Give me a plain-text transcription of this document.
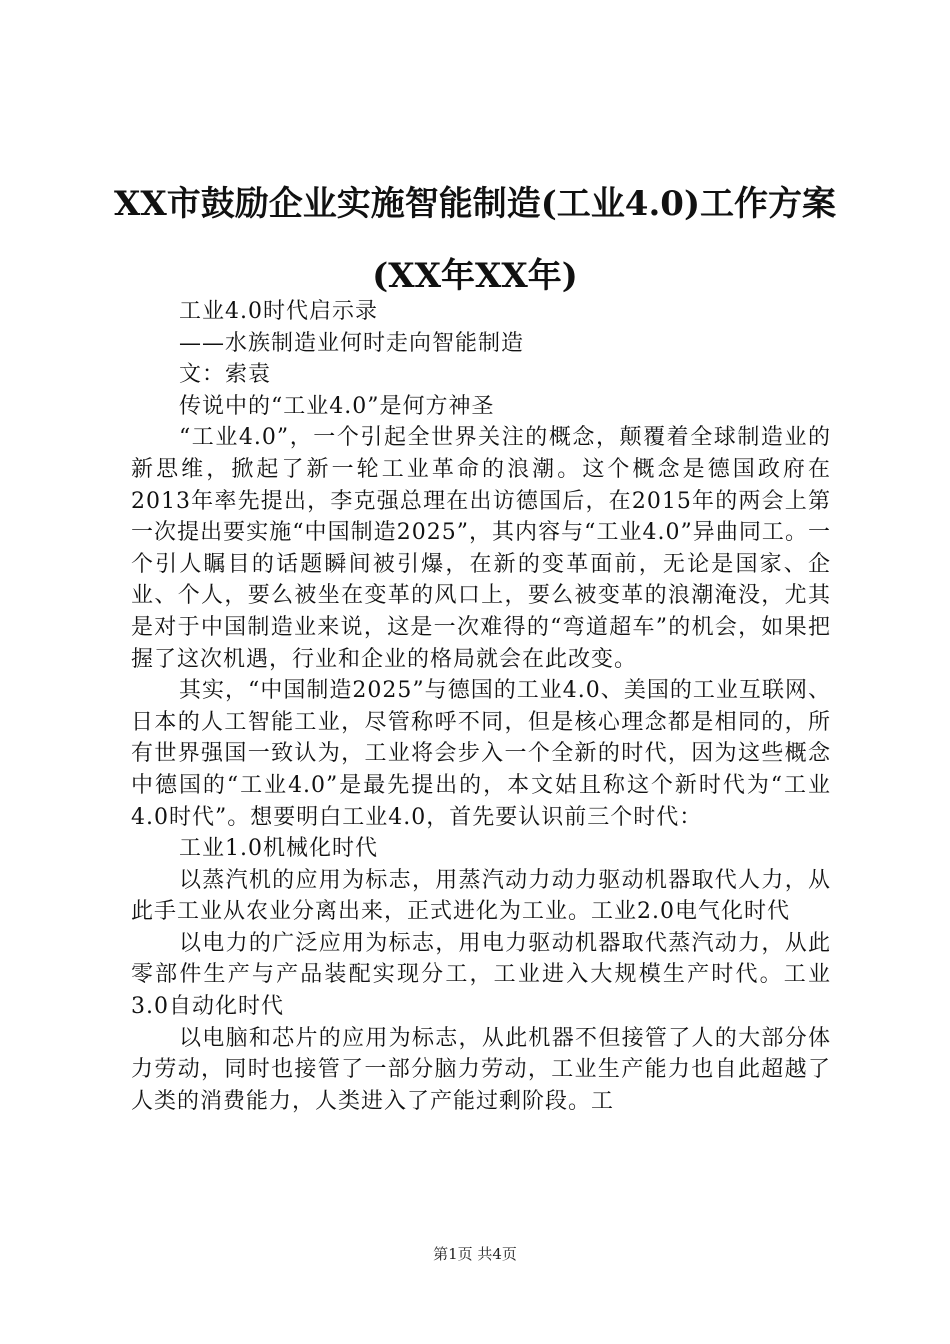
XX市鼓励企业实施智能制造(工业4.0)工作方案(XX年XX年)

工业4.0时代启示录

——水族制造业何时走向智能制造

文：索袁

传说中的“工业4.0”是何方神圣

“工业4.0”，一个引起全世界关注的概念，颠覆着全球制造业的新思维，掀起了新一轮工业革命的浪潮。这个概念是德国政府在2013年率先提出，李克强总理在出访德国后，在2015年的两会上第一次提出要实施“中国制造2025”，其内容与“工业4.0”异曲同工。一个引人瞩目的话题瞬间被引爆，在新的变革面前，无论是国家、企业、个人，要么被坐在变革的风口上，要么被变革的浪潮淹没，尤其是对于中国制造业来说，这是一次难得的“弯道超车”的机会，如果把握了这次机遇，行业和企业的格局就会在此改变。

其实，“中国制造2025”与德国的工业4.0、美国的工业互联网、日本的人工智能工业，尽管称呼不同，但是核心理念都是相同的，所有世界强国一致认为，工业将会步入一个全新的时代，因为这些概念中德国的“工业4.0”是最先提出的，本文姑且称这个新时代为“工业4.0时代”。想要明白工业4.0，首先要认识前三个时代：

工业1.0机械化时代

以蒸汽机的应用为标志，用蒸汽动力动力驱动机器取代人力，从此手工业从农业分离出来，正式进化为工业。工业2.0电气化时代

以电力的广泛应用为标志，用电力驱动机器取代蒸汽动力，从此零部件生产与产品装配实现分工，工业进入大规模生产时代。工业3.0自动化时代

以电脑和芯片的应用为标志，从此机器不但接管了人的大部分体力劳动，同时也接管了一部分脑力劳动，工业生产能力也自此超越了人类的消费能力，人类进入了产能过剩阶段。工

第1页 共4页
